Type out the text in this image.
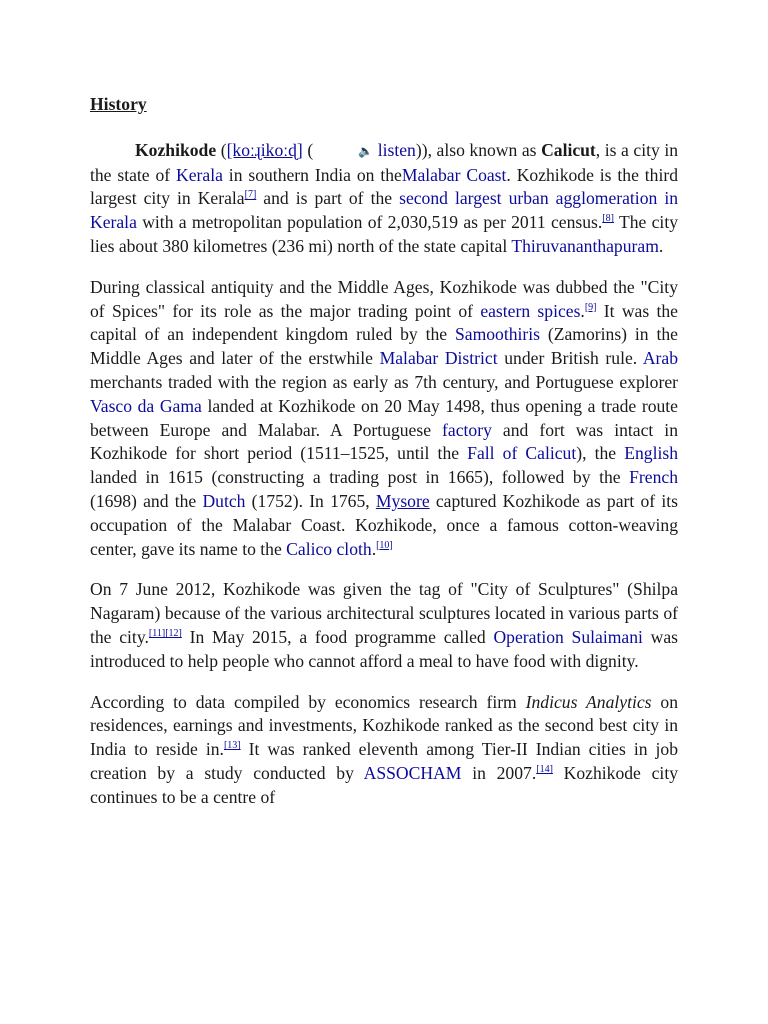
History

Kozhikode ([koːɻikoːɖ] (	🔈 listen)), also known as Calicut, is a city in the state of Kerala in southern India on theMalabar Coast. Kozhikode is the third largest city in Kerala[7] and is part of the second largest urban agglomeration in Kerala with a metropolitan population of 2,030,519 as per 2011 census.[8] The city lies about 380 kilometres (236 mi) north of the state capital Thiruvananthapuram.

During classical antiquity and the Middle Ages, Kozhikode was dubbed the "City of Spices" for its role as the major trading point of eastern spices.[9] It was the capital of an independent kingdom ruled by the Samoothiris (Zamorins) in the Middle Ages and later of the erstwhile Malabar District under British rule. Arab merchants traded with the region as early as 7th century, and Portuguese explorer Vasco da Gama landed at Kozhikode on 20 May 1498, thus opening a trade route between Europe and Malabar. A Portuguese factory and fort was intact in Kozhikode for short period (1511–1525, until the Fall of Calicut), the English landed in 1615 (constructing a trading post in 1665), followed by the French (1698) and the Dutch (1752). In 1765, Mysore captured Kozhikode as part of its occupation of the Malabar Coast. Kozhikode, once a famous cotton-weaving center, gave its name to the Calico cloth.[10]

On 7 June 2012, Kozhikode was given the tag of "City of Sculptures" (Shilpa Nagaram) because of the various architectural sculptures located in various parts of the city.[11][12] In May 2015, a food programme called Operation Sulaimani was introduced to help people who cannot afford a meal to have food with dignity.

According to data compiled by economics research firm Indicus Analytics on residences, earnings and investments, Kozhikode ranked as the second best city in India to reside in.[13] It was ranked eleventh among Tier-II Indian cities in job creation by a study conducted by ASSOCHAM in 2007.[14] Kozhikode city continues to be a centre of
